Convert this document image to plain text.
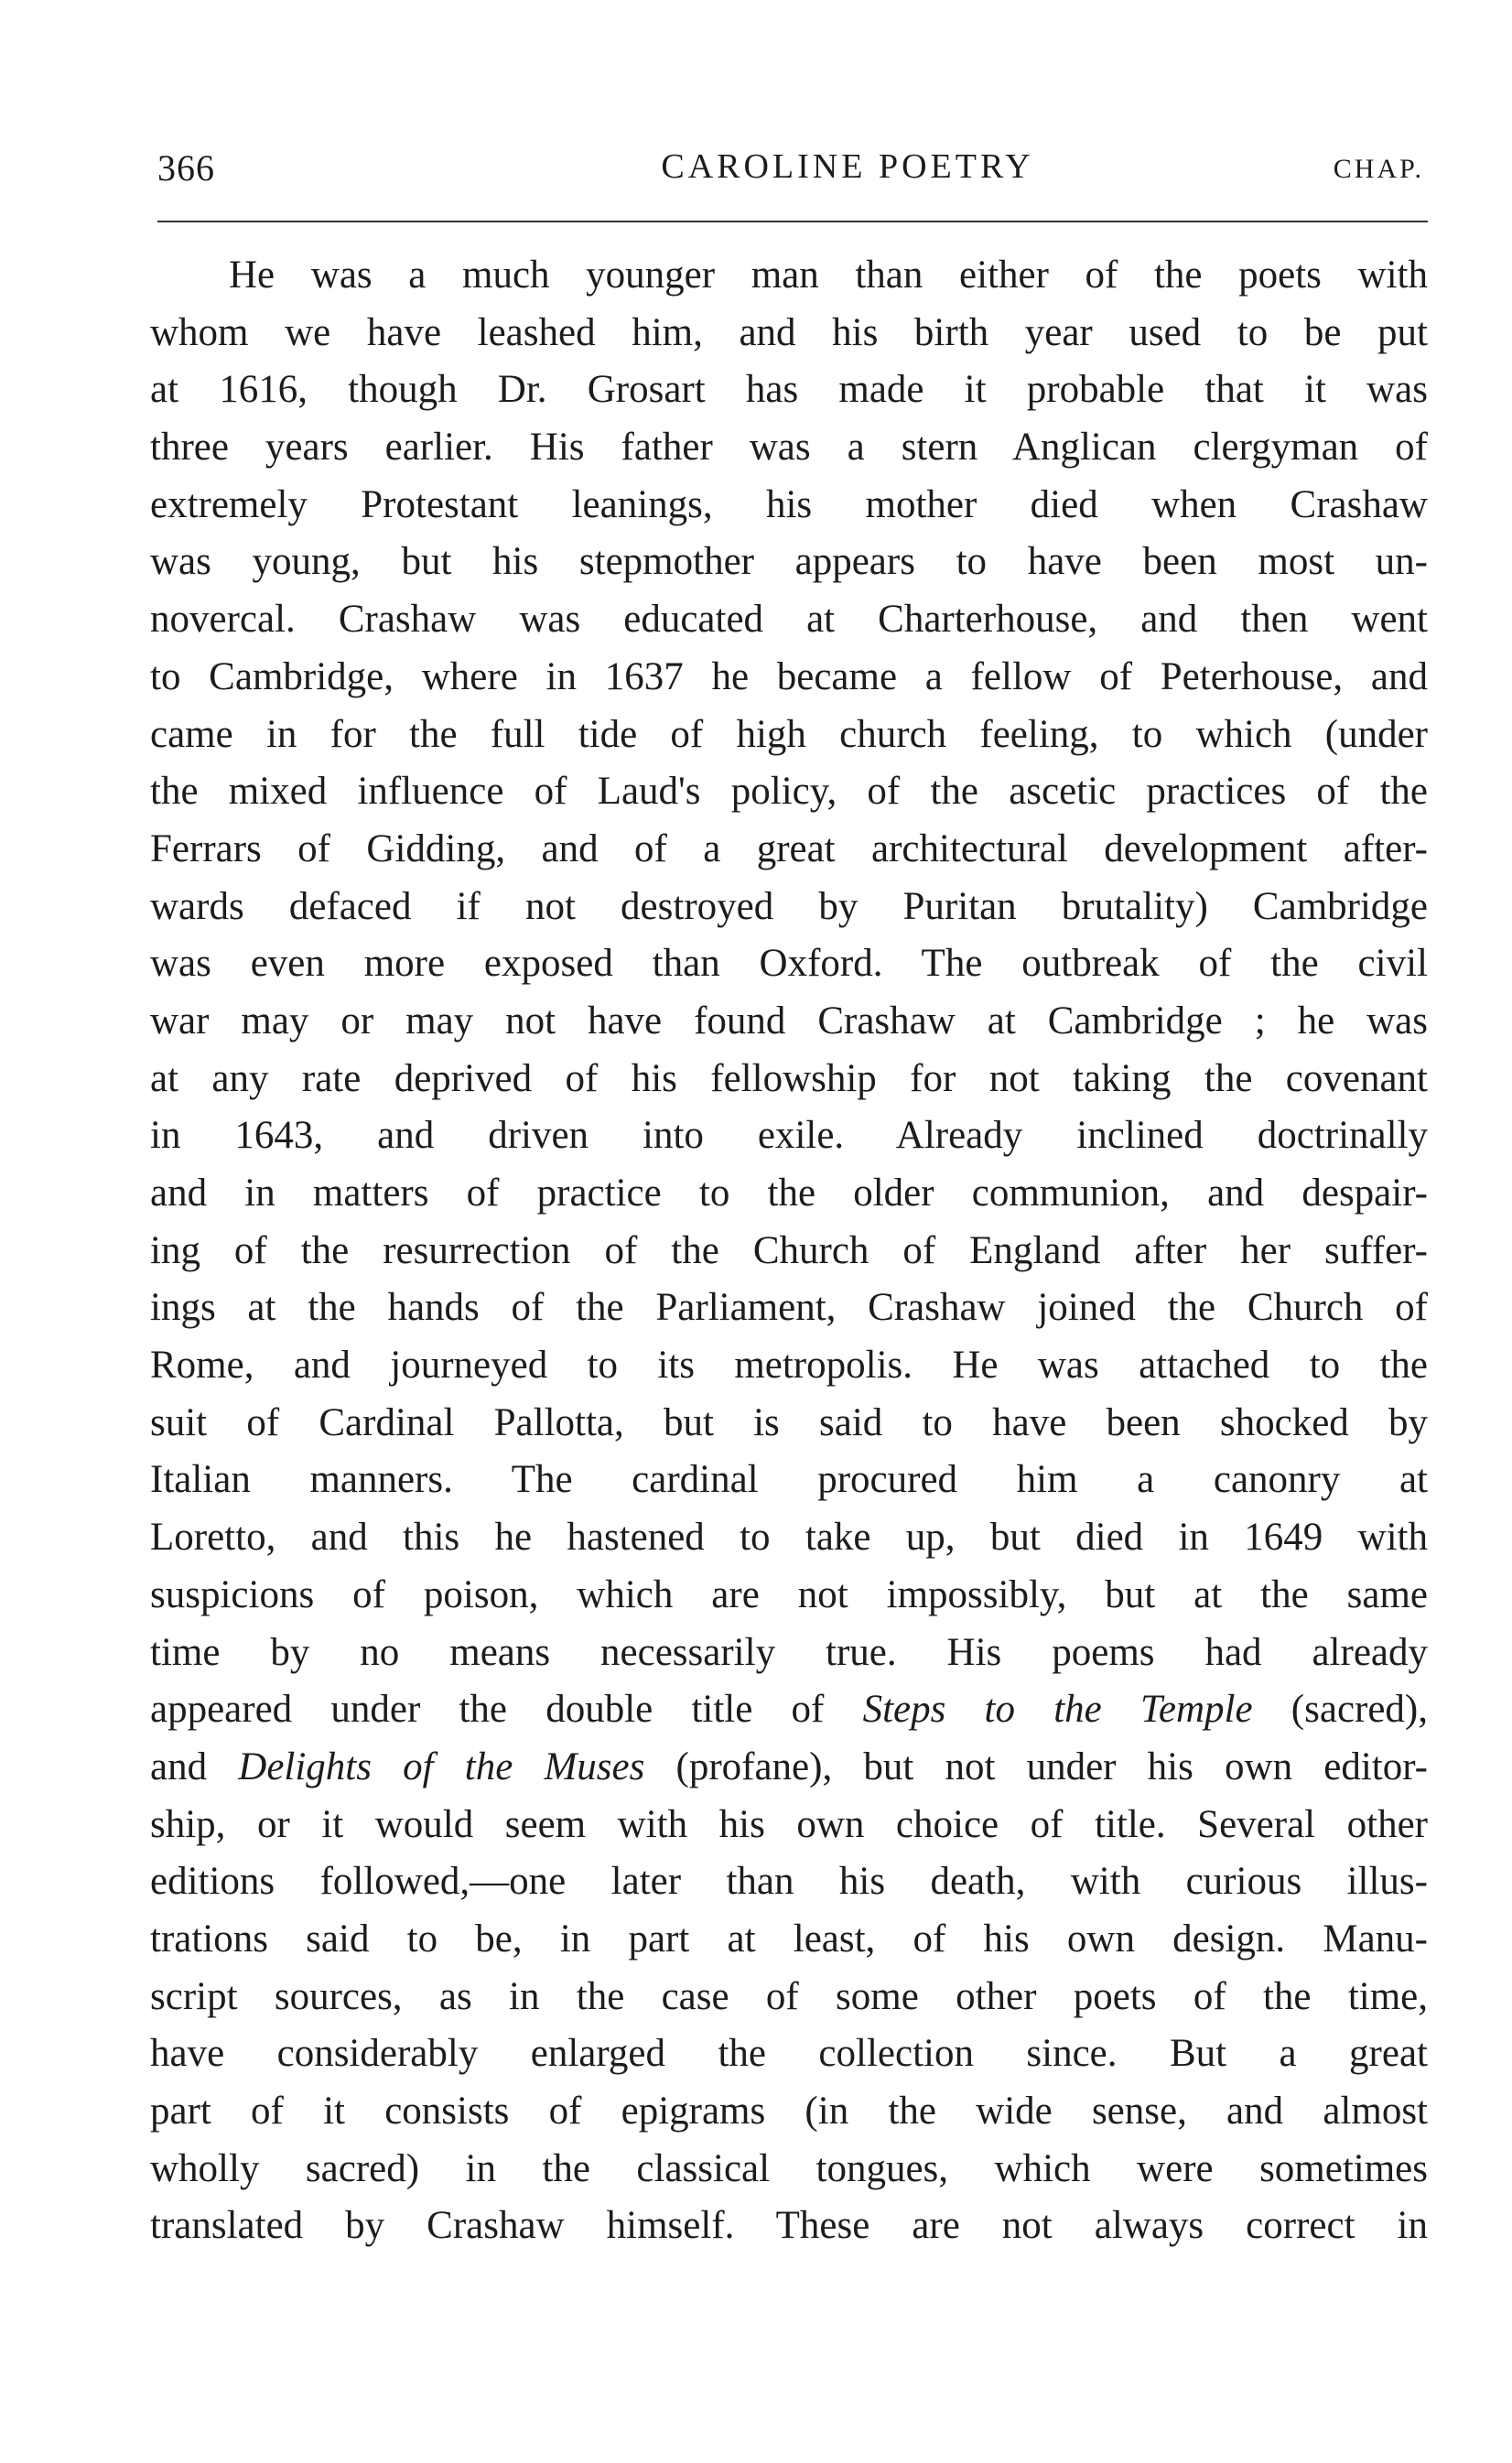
366	CAROLINE POETRY	CHAP.
He was a much younger man than either of the poets with
whom we have leashed him, and his birth year used to be put
at 1616, though Dr. Grosart has made it probable that it was
three years earlier. His father was a stern Anglican clergyman of
extremely Protestant leanings, his mother died when Crashaw
was young, but his stepmother appears to have been most un-
novercal. Crashaw was educated at Charterhouse, and then went
to Cambridge, where in 1637 he became a fellow of Peterhouse, and
came in for the full tide of high church feeling, to which (under
the mixed influence of Laud's policy, of the ascetic practices of the
Ferrars of Gidding, and of a great architectural development after-
wards defaced if not destroyed by Puritan brutality) Cambridge
was even more exposed than Oxford. The outbreak of the civil
war may or may not have found Crashaw at Cambridge ; he was
at any rate deprived of his fellowship for not taking the covenant
in 1643, and driven into exile. Already inclined doctrinally
and in matters of practice to the older communion, and despair-
ing of the resurrection of the Church of England after her suffer-
ings at the hands of the Parliament, Crashaw joined the Church of
Rome, and journeyed to its metropolis. He was attached to the
suit of Cardinal Pallotta, but is said to have been shocked by
Italian manners. The cardinal procured him a canonry at
Loretto, and this he hastened to take up, but died in 1649 with
suspicions of poison, which are not impossibly, but at the same
time by no means necessarily true. His poems had already
appeared under the double title of Steps to the Temple (sacred),
and Delights of the Muses (profane), but not under his own editor-
ship, or it would seem with his own choice of title. Several other
editions followed,—one later than his death, with curious illus-
trations said to be, in part at least, of his own design. Manu-
script sources, as in the case of some other poets of the time,
have considerably enlarged the collection since. But a great
part of it consists of epigrams (in the wide sense, and almost
wholly sacred) in the classical tongues, which were sometimes
translated by Crashaw himself. These are not always correct in
